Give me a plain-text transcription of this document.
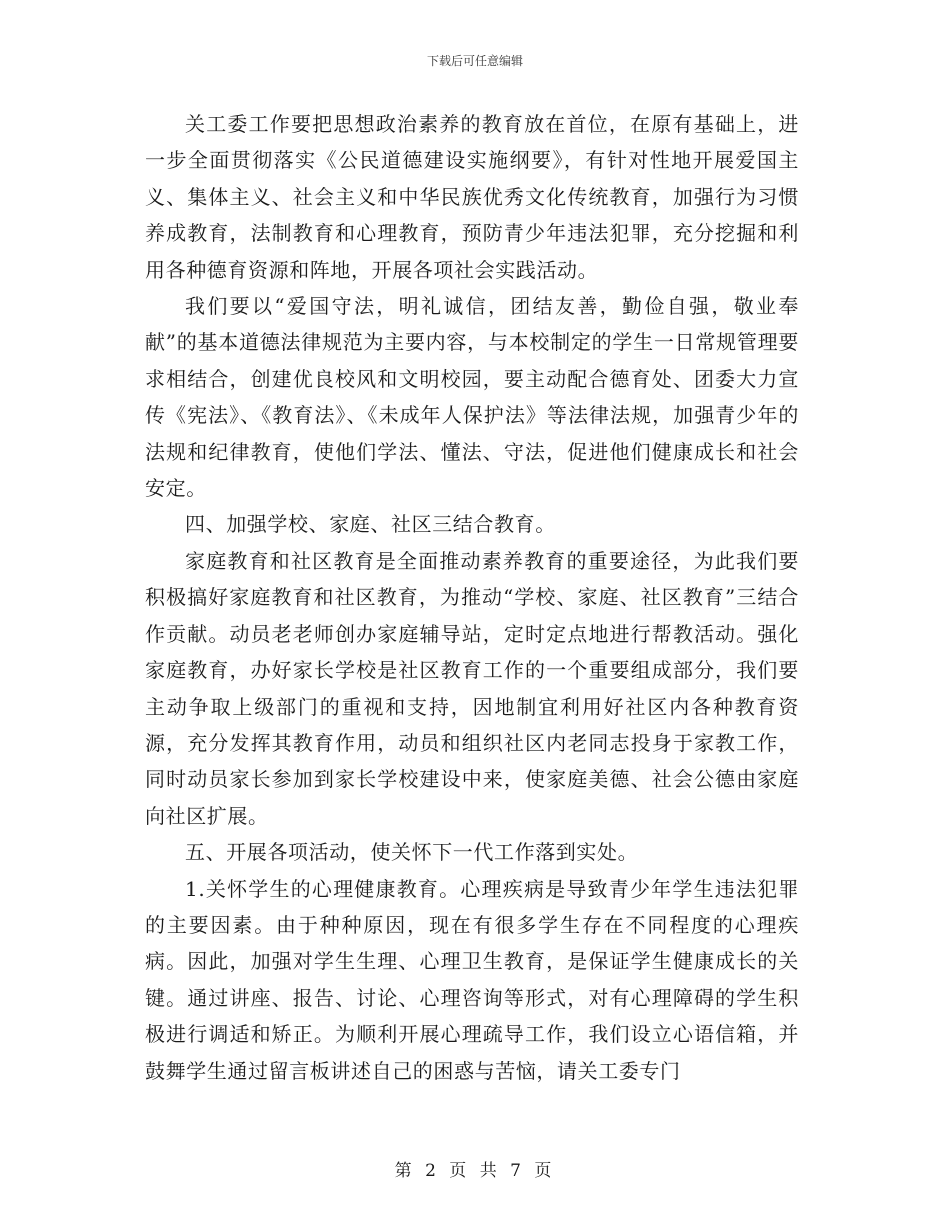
下载后可任意编辑

关工委工作要把思想政治素养的教育放在首位，在原有基础上，进一步全面贯彻落实《公民道德建设实施纲要》，有针对性地开展爱国主义、集体主义、社会主义和中华民族优秀文化传统教育，加强行为习惯养成教育，法制教育和心理教育，预防青少年违法犯罪，充分挖掘和利用各种德育资源和阵地，开展各项社会实践活动。

我们要以“爱国守法，明礼诚信，团结友善，勤俭自强，敬业奉献”的基本道德法律规范为主要内容，与本校制定的学生一日常规管理要求相结合，创建优良校风和文明校园，要主动配合德育处、团委大力宣传《宪法》、《教育法》、《未成年人保护法》等法律法规，加强青少年的法规和纪律教育，使他们学法、懂法、守法，促进他们健康成长和社会安定。

四、加强学校、家庭、社区三结合教育。

家庭教育和社区教育是全面推动素养教育的重要途径，为此我们要积极搞好家庭教育和社区教育，为推动“学校、家庭、社区教育”三结合作贡献。动员老老师创办家庭辅导站，定时定点地进行帮教活动。强化家庭教育，办好家长学校是社区教育工作的一个重要组成部分，我们要主动争取上级部门的重视和支持，因地制宜利用好社区内各种教育资源，充分发挥其教育作用，动员和组织社区内老同志投身于家教工作，同时动员家长参加到家长学校建设中来，使家庭美德、社会公德由家庭向社区扩展。

五、开展各项活动，使关怀下一代工作落到实处。

1.关怀学生的心理健康教育。心理疾病是导致青少年学生违法犯罪的主要因素。由于种种原因，现在有很多学生存在不同程度的心理疾病。因此，加强对学生生理、心理卫生教育，是保证学生健康成长的关键。通过讲座、报告、讨论、心理咨询等形式，对有心理障碍的学生积极进行调适和矫正。为顺利开展心理疏导工作，我们设立心语信箱，并鼓舞学生通过留言板讲述自己的困惑与苦恼，请关工委专门

第 2 页 共 7 页
